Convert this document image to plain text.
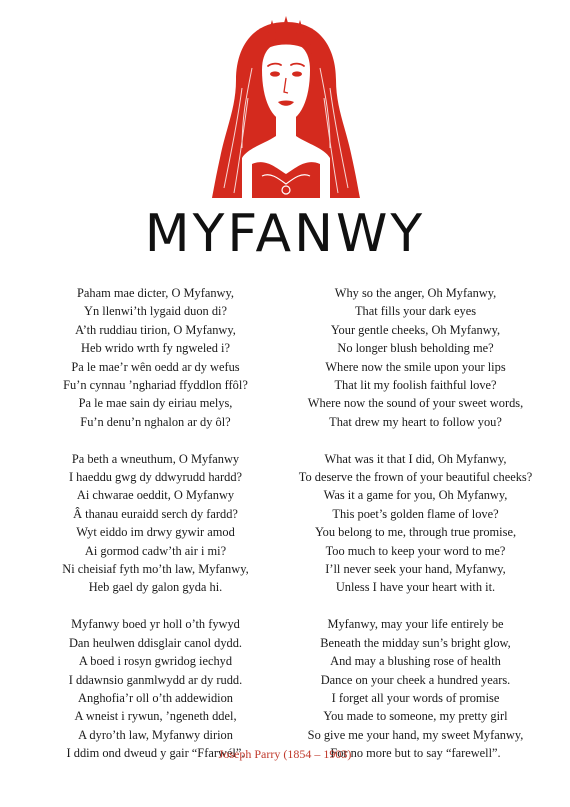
MYFANWY
Paham mae dicter, O Myfanwy,
Yn llenwi’th lygaid duon di?
A’th ruddiau tirion, O Myfanwy,
Heb wrido wrth fy ngweled i?
Pa le mae’r wên oedd ar dy wefus
Fu’n cynnau ’nghariad ffyddlon ffôl?
Pa le mae sain dy eiriau melys,
Fu’n denu’n nghalon ar dy ôl?
Pa beth a wneuthum, O Myfanwy
I haeddu gwg dy ddwyrudd hardd?
Ai chwarae oeddit, O Myfanwy
Â thanau euraidd serch dy fardd?
Wyt eiddo im drwy gywir amod
Ai gormod cadw’th air i mi?
Ni cheisiaf fyth mo’th law, Myfanwy,
Heb gael dy galon gyda hi.
Myfanwy boed yr holl o’th fywyd
Dan heulwen ddisglair canol dydd.
A boed i rosyn gwridog iechyd
I ddawnsio ganmlwydd ar dy rudd.
Anghofia’r oll o’th addewidion
A wneist i rywun, ’ngeneth ddel,
A dyro’th law, Myfanwy dirion
I ddim ond dweud y gair “Ffarwél”.
Why so the anger, Oh Myfanwy,
That fills your dark eyes
Your gentle cheeks, Oh Myfanwy,
No longer blush beholding me?
Where now the smile upon your lips
That lit my foolish faithful love?
Where now the sound of your sweet words,
That drew my heart to follow you?
What was it that I did, Oh Myfanwy,
To deserve the frown of your beautiful cheeks?
Was it a game for you, Oh Myfanwy,
This poet’s golden flame of love?
You belong to me, through true promise,
Too much to keep your word to me?
I’ll never seek your hand, Myfanwy,
Unless I have your heart with it.
Myfanwy, may your life entirely be
Beneath the midday sun’s bright glow,
And may a blushing rose of health
Dance on your cheek a hundred years.
I forget all your words of promise
You made to someone, my pretty girl
So give me your hand, my sweet Myfanwy,
For no more but to say “farewell”.
Joseph Parry (1854 – 1903)
